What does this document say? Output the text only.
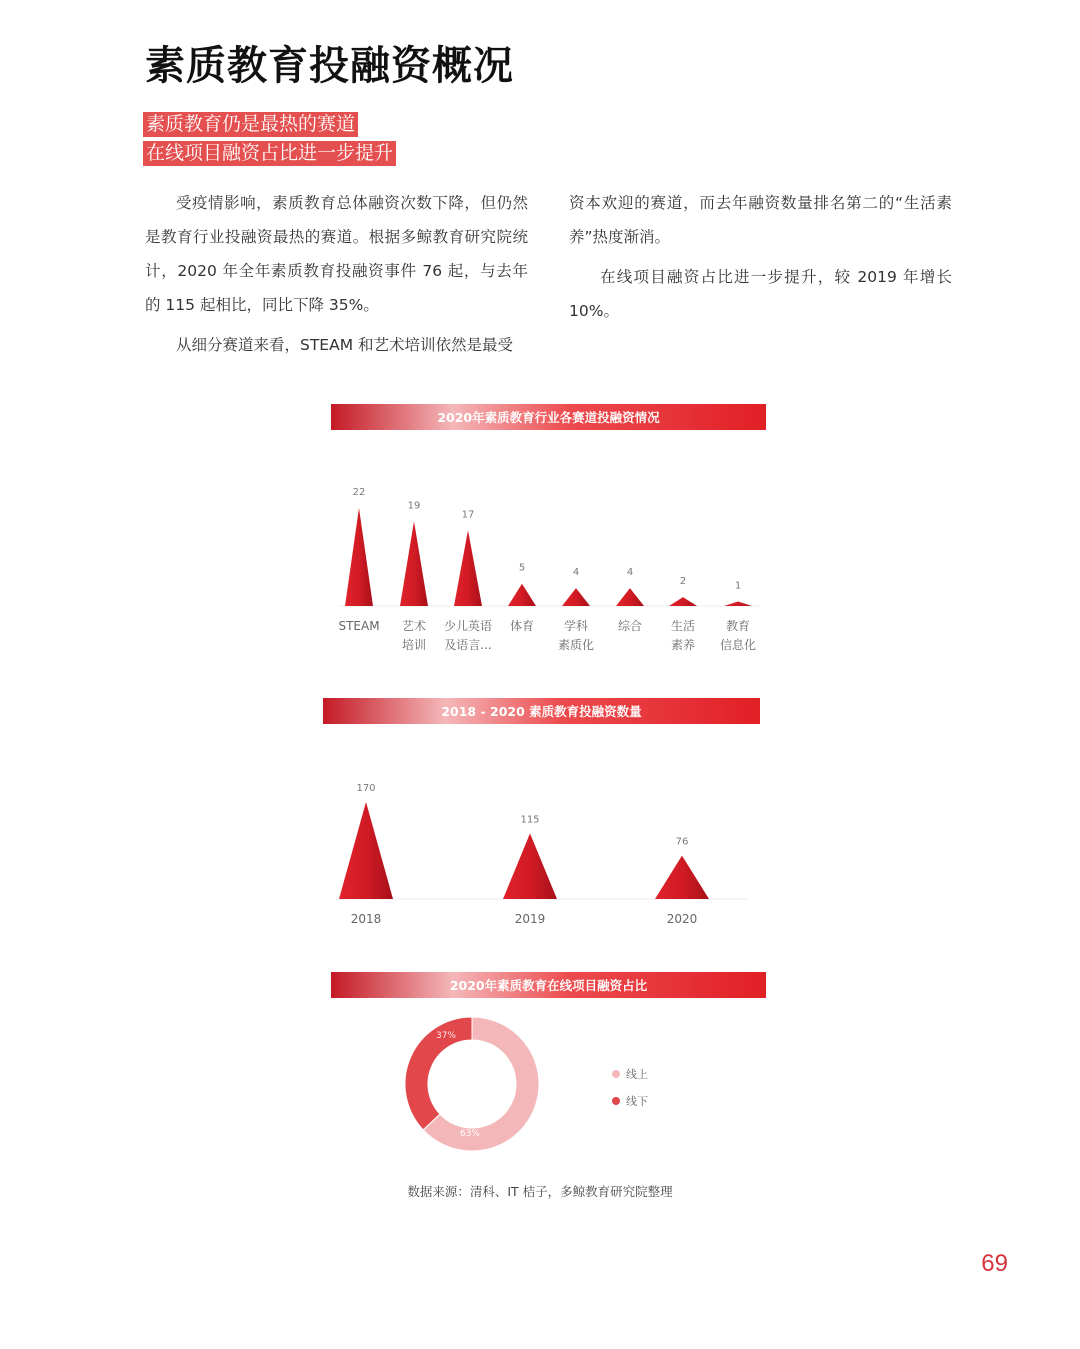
素质教育投融资概况
素质教育仍是最热的赛道
在线项目融资占比进一步提升

受疫情影响，素质教育总体融资次数下降，但仍然是教育行业投融资最热的赛道。根据多鲸教育研究院统计，2020 年全年素质教育投融资事件 76 起，与去年的 115 起相比，同比下降 35%。

从细分赛道来看，STEAM 和艺术培训依然是最受

资本欢迎的赛道，而去年融资数量排名第二的“生活素养”热度渐消。

在线项目融资占比进一步提升，较 2019 年增长 10%。

2020年素质教育行业各赛道投融资情况
22
STEAM
19
艺术
培训
17
少儿英语
及语言...
5
体育
4
学科
素质化
4
综合
2
生活
素养
1
教育
信息化
2018 - 2020 素质教育投融资数量
170
2018
115
2019
76
2020
2020年素质教育在线项目融资占比
63%
37%
线上
线下
数据来源：清科、IT 桔子，多鲸教育研究院整理
69
